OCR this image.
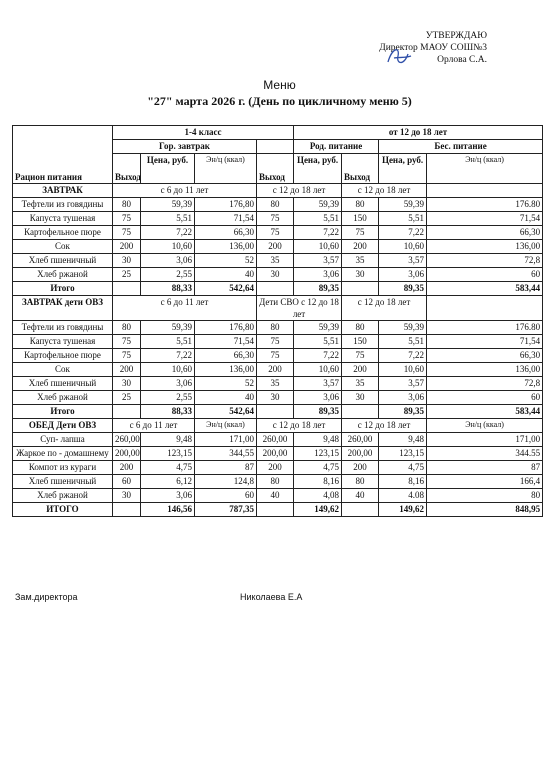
УТВЕРЖДАЮ
Директор МАОУ СОШ№3
Орлова С.А.
Меню
"27" марта 2026 г. (День по цикличному меню 5)
Рацион питания	1-4 класс				от 12 до 18 лет				
	Гор. завтрак				Род. питание		Бес. питание		
	Выход	Цена, руб.	Эн/ц (ккал)	Выход	Цена, руб.	Выход	Цена, руб.	Эн/ц (ккал)	
ЗАВТРАК	с 6 до 11 лет			с 12 до 18 лет		с 12 до 18 лет			
Тефтели из говядины	80	59,39	176,80	80	59,39	80	59,39	176.80	
Капуста тушеная	75	5,51	71,54	75	5,51	150	5,51	71,54	
Картофельное пюре	75	7,22	66,30	75	7,22	75	7,22	66,30	
Сок	200	10,60	136,00	200	10,60	200	10,60	136,00	
Хлеб пшеничный	30	3,06	52	35	3,57	35	3,57	72,8	
Хлеб ржаной	25	2,55	40	30	3,06	30	3,06	60	
Итого		88,33	542,64		89,35		89,35	583,44	
ЗАВТРАК дети ОВЗ	с 6 до 11 лет			Дети СВО с 12 до 18 лет		с 12 до 18 лет			
Тефтели из говядины	80	59,39	176,80	80	59,39	80	59,39	176.80	
Капуста тушеная	75	5,51	71,54	75	5,51	150	5,51	71,54	
Картофельное пюре	75	7,22	66,30	75	7,22	75	7,22	66,30	
Сок	200	10,60	136,00	200	10,60	200	10,60	136,00	
Хлеб пшеничный	30	3,06	52	35	3,57	35	3,57	72,8	
Хлеб ржаной	25	2,55	40	30	3,06	30	3,06	60	
Итого		88,33	542,64		89,35		89,35	583,44	
ОБЕД Дети ОВЗ	с 6 до 11 лет		Эн/ц (ккал)	с 12 до 18 лет		с 12 до 18 лет		Эн/ц (ккал)	
Суп- лапша	260,00	9,48	171,00	260,00	9,48	260,00	9,48	171,00	
Жаркое по - домашнему	200,00	123,15	344,55	200,00	123,15	200,00	123,15	344.55	
Компот из кураги	200	4,75	87	200	4,75	200	4,75	87	
Хлеб пшеничный	60	6,12	124,8	80	8,16	80	8,16	166,4	
Хлеб ржаной	30	3,06	60	40	4,08	40	4.08	80	
ИТОГО		146,56	787,35		149,62		149,62	848,95	
Зам.директора	Николаева Е.А
